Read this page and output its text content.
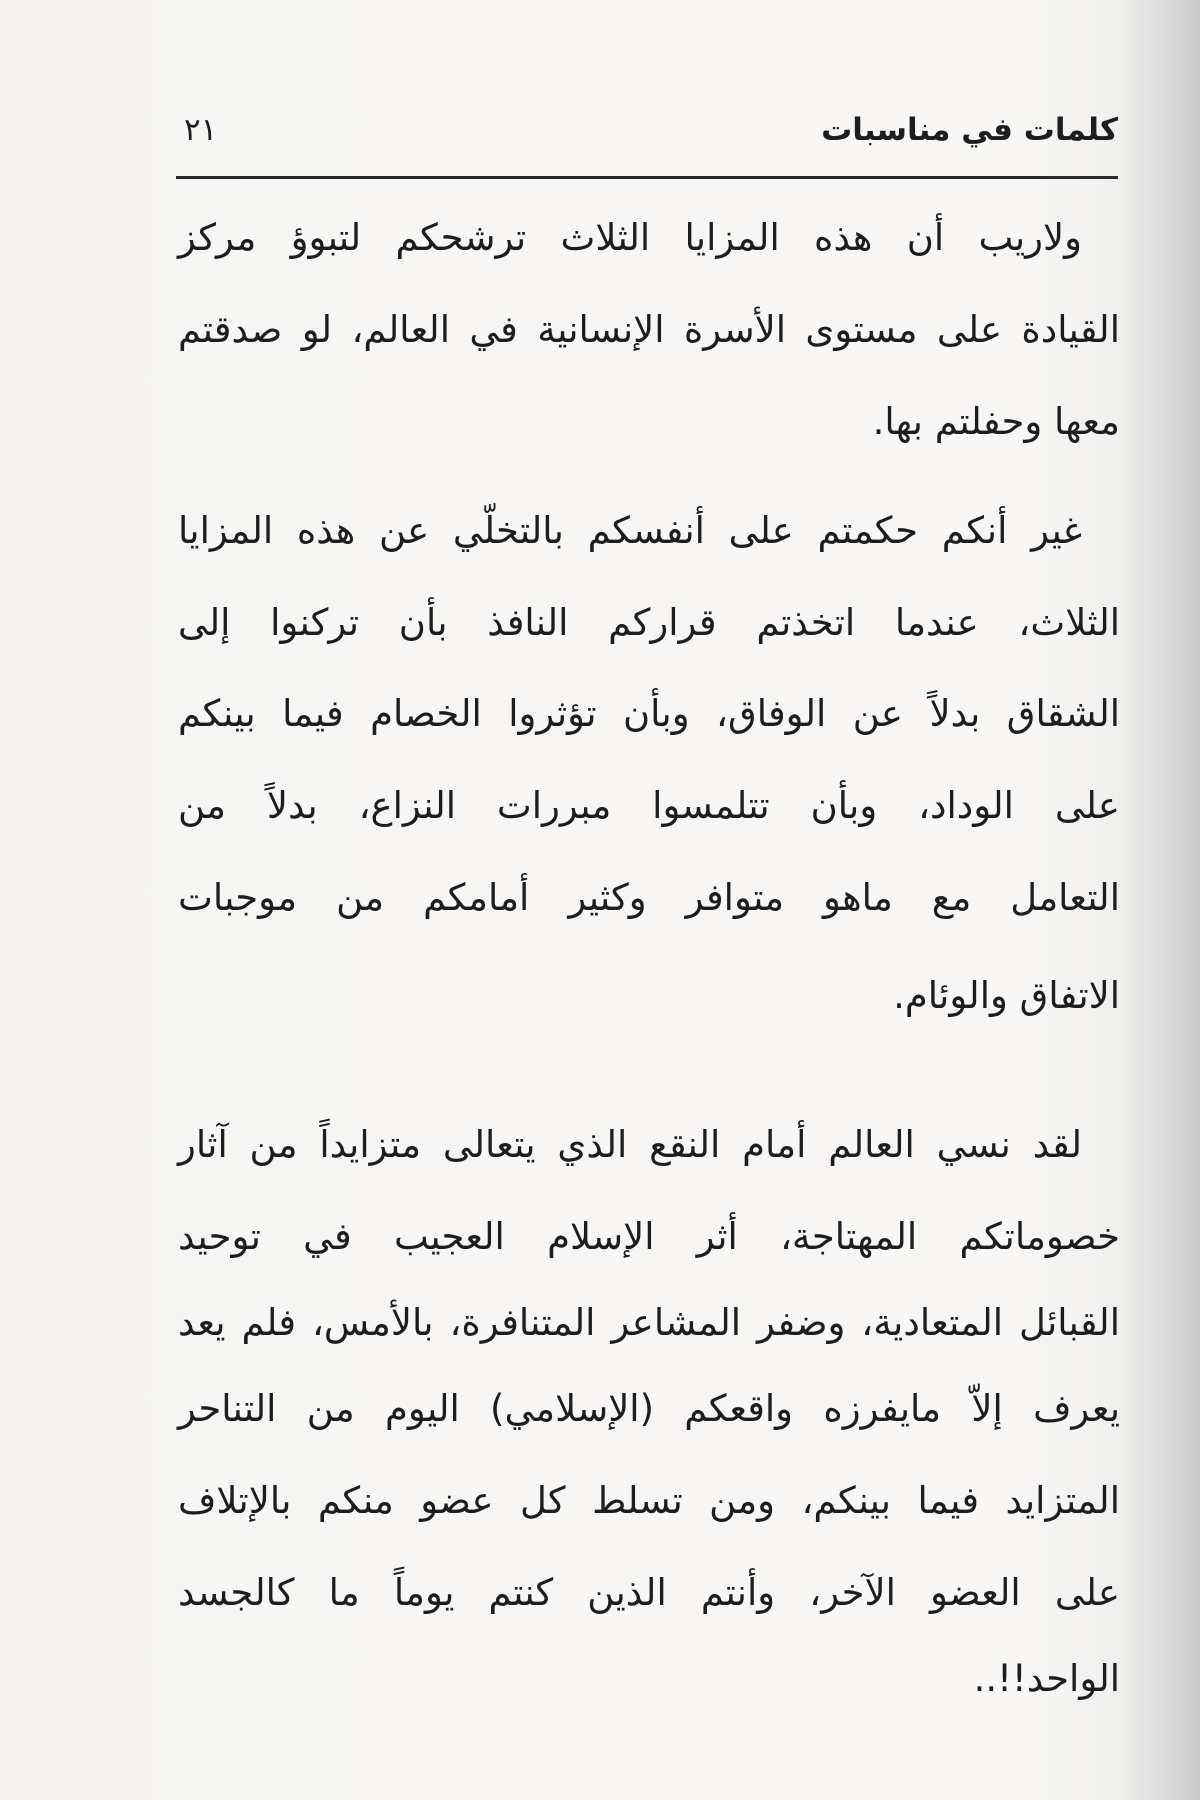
كلمات في مناسبات
٢١
ولاريب أن هذه المزايا الثلاث ترشحكم لتبوؤ مركز
القيادة على مستوى الأسرة الإنسانية في العالم، لو صدقتم
معها وحفلتم بها.
غير أنكم حكمتم على أنفسكم بالتخلّي عن هذه المزايا
الثلاث، عندما اتخذتم قراركم النافذ بأن تركنوا إلى
الشقاق بدلاً عن الوفاق، وبأن تؤثروا الخصام فيما بينكم
على الوداد، وبأن تتلمسوا مبررات النزاع، بدلاً من
التعامل مع ماهو متوافر وكثير أمامكم من موجبات
الاتفاق والوئام.
لقد نسي العالم أمام النقع الذي يتعالى متزايداً من آثار
خصوماتكم المهتاجة، أثر الإسلام العجيب في توحيد
القبائل المتعادية، وضفر المشاعر المتنافرة، بالأمس، فلم يعد
يعرف إلاّ مايفرزه واقعكم (الإسلامي) اليوم من التناحر
المتزايد فيما بينكم، ومن تسلط كل عضو منكم بالإتلاف
على العضو الآخر، وأنتم الذين كنتم يوماً ما كالجسد
الواحد!!..
